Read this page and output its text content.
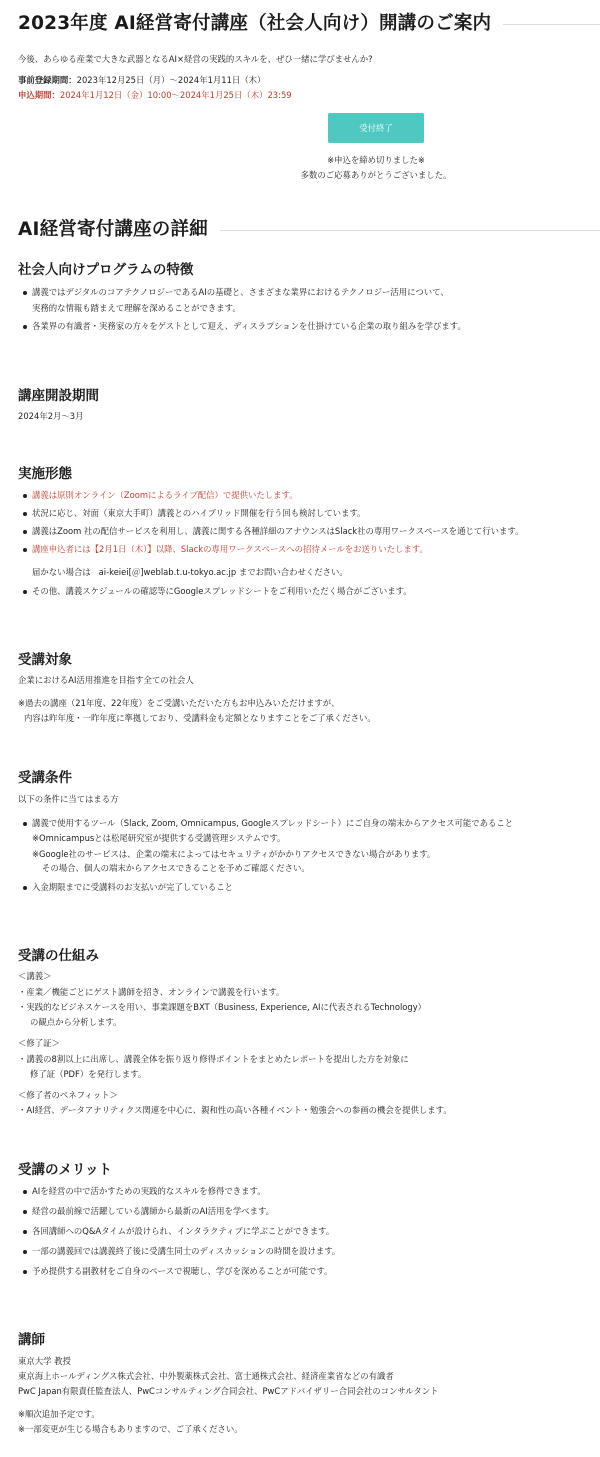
2023年度 AI経営寄付講座（社会人向け）開講のご案内
今後、あらゆる産業で大きな武器となるAI×経営の実践的スキルを、ぜひ一緒に学びませんか?
事前登録期間：2023年12月25日（月）～2024年1月11日（木）
申込期間：2024年1月12日（金）10:00～2024年1月25日（木）23:59
受付終了
※申込を締め切りました※
多数のご応募ありがとうございました。
AI経営寄付講座の詳細
社会人向けプログラムの特徴
講義ではデジタルのコアテクノロジーであるAIの基礎と、さまざまな業界におけるテクノロジー活用について、
実務的な情報も踏まえて理解を深めることができます。
各業界の有識者・実務家の方々をゲストとして迎え、ディスラプションを仕掛けている企業の取り組みを学びます。
講座開設期間
2024年2月～3月
実施形態
講義は原則オンライン（Zoomによるライブ配信）で提供いたします。
状況に応じ、対面（東京大手町）講義とのハイブリッド開催を行う回も検討しています。
講義はZoom 社の配信サービスを利用し、講義に関する各種詳細のアナウンスはSlack社の専用ワークスペースを通じて行います。
講座申込者には【2月1日（木）】以降、Slackの専用ワークスペースへの招待メールをお送りいたします。
届かない場合は ai-keiei[＠]weblab.t.u-tokyo.ac.jp までお問い合わせください。
その他、講義スケジュールの確認等にGoogleスプレッドシートをご利用いただく場合がございます。
受講対象
企業におけるAI活用推進を目指す全ての社会人
※過去の講座（21年度、22年度）をご受講いただいた方もお申込みいただけますが、
内容は昨年度・一昨年度に準拠しており、受講料金も定額となりますことをご了承ください。
受講条件
以下の条件に当てはまる方
講義で使用するツール（Slack, Zoom, Omnicampus, Googleスプレッドシート）にご自身の端末からアクセス可能であること
※Omnicampusとは松尾研究室が提供する受講管理システムです。
※Google社のサービスは、企業の端末によってはセキュリティがかかりアクセスできない場合があります。
その場合、個人の端末からアクセスできることを予めご確認ください。
入金期限までに受講料のお支払いが完了していること
受講の仕組み
＜講義＞
・産業／機能ごとにゲスト講師を招き、オンラインで講義を行います。
・実践的なビジネスケースを用い、事業課題をBXT（Business, Experience, AIに代表されるTechnology）
の観点から分析します。
＜修了証＞
・講義の8割以上に出席し、講義全体を振り返り修得ポイントをまとめたレポートを提出した方を対象に
修了証（PDF）を発行します。
＜修了者のベネフィット＞
・AI経営、データアナリティクス関連を中心に、親和性の高い各種イベント・勉強会への参画の機会を提供します。
受講のメリット
AIを経営の中で活かすための実践的なスキルを修得できます。
経営の最前線で活躍している講師から最新のAI活用を学べます。
各回講師へのQ&Aタイムが設けられ、インタラクティブに学ぶことができます。
一部の講義回では講義終了後に受講生同士のディスカッションの時間を設けます。
予め提供する副教材をご自身のペースで視聴し、学びを深めることが可能です。
講師
東京大学 教授
東京海上ホールディングス株式会社、中外製薬株式会社、富士通株式会社、経済産業省などの有識者
PwC Japan有限責任監査法人、PwCコンサルティング合同会社、PwCアドバイザリー合同会社のコンサルタント
※順次追加予定です。
※一部変更が生じる場合もありますので、ご了承ください。
